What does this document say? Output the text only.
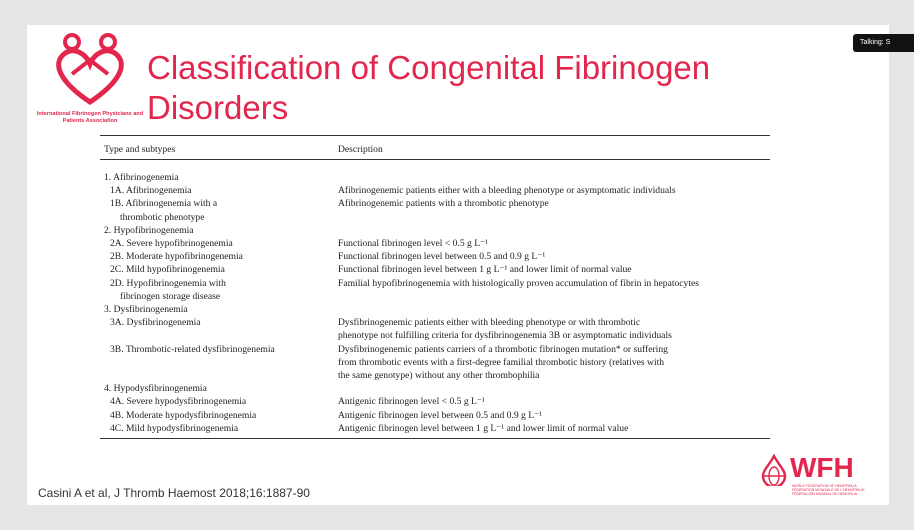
International Fibrinogen Physicians and Patients Association
Classification of Congenital Fibrinogen Disorders
Type and subtypes	Description
1. Afibrinogenemia
1A. Afibrinogenemia	Afibrinogenemic patients either with a bleeding phenotype or asymptomatic individuals
1B. Afibrinogenemia with a	Afibrinogenemic patients with a thrombotic phenotype
thrombotic phenotype
2. Hypofibrinogenemia
2A. Severe hypofibrinogenemia	Functional fibrinogen level < 0.5 g L⁻¹
2B. Moderate hypofibrinogenemia	Functional fibrinogen level between 0.5 and 0.9 g L⁻¹
2C. Mild hypofibrinogenemia	Functional fibrinogen level between 1 g L⁻¹ and lower limit of normal value
2D. Hypofibrinogenemia with	Familial hypofibrinogenemia with histologically proven accumulation of fibrin in hepatocytes
fibrinogen storage disease
3. Dysfibrinogenemia
3A. Dysfibrinogenemia	Dysfibrinogenemic patients either with bleeding phenotype or with thrombotic
phenotype not fulfilling criteria for dysfibrinogenemia 3B or asymptomatic individuals
3B. Thrombotic-related dysfibrinogenemia	Dysfibrinogenemic patients carriers of a thrombotic fibrinogen mutation* or suffering
from thrombotic events with a first-degree familial thrombotic history (relatives with
the same genotype) without any other thrombophilia
4. Hypodysfibrinogenemia
4A. Severe hypodysfibrinogenemia	Antigenic fibrinogen level < 0.5 g L⁻¹
4B. Moderate hypodysfibrinogenemia	Antigenic fibrinogen level between 0.5 and 0.9 g L⁻¹
4C. Mild hypodysfibrinogenemia	Antigenic fibrinogen level between 1 g L⁻¹ and lower limit of normal value
Casini A et al, J Thromb Haemost 2018;16:1887-90
WFH
WORLD FEDERATION OF HEMOPHILIA
FÉDÉRATION MONDIALE DE L'HÉMOPHILIE
FEDERACIÓN MUNDIAL DE HEMOFILIA
Talking: S
